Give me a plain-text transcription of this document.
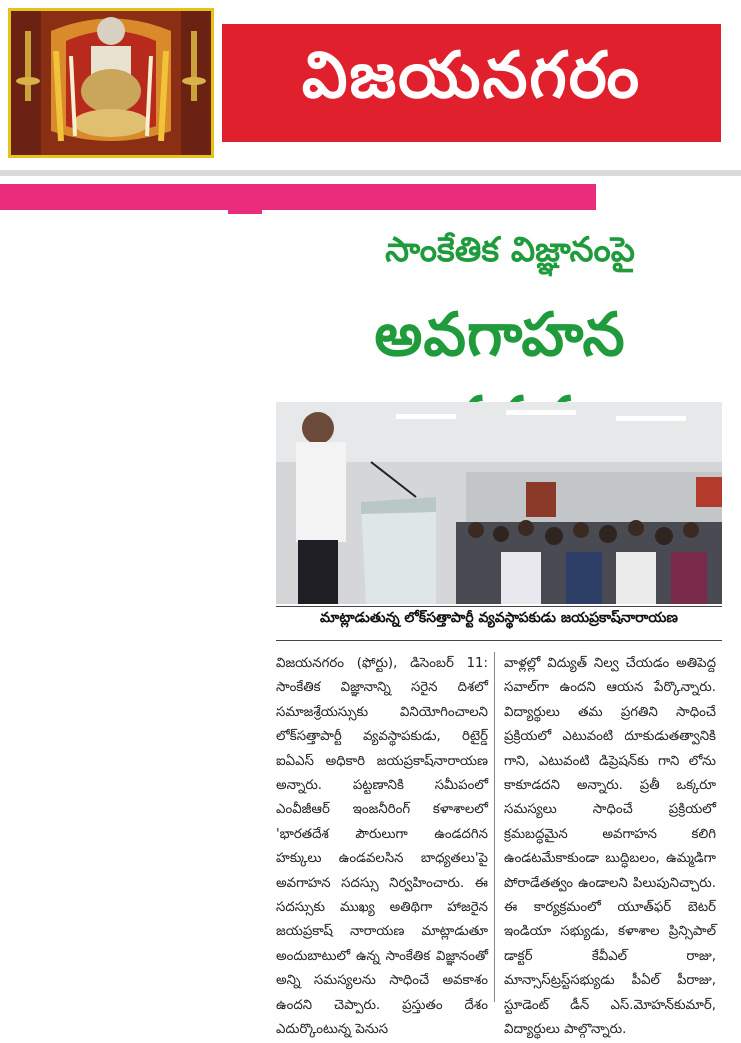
విజయనగరం
సాంకేతిక విజ్ఞానంపై
అవగాహన
మాట్లాడుతున్న లోక్‌సత్తాపార్టీ వ్యవస్థాపకుడు జయప్రకాష్‌నారాయణ

విజయనగరం (ఫోర్టు), డిసెంబర్ 11: సాంకేతిక విజ్ఞానాన్ని సరైన దిశలో సమాజశ్రేయస్సుకు వినియోగించాలని లోక్‌సత్తాపార్టీ వ్యవస్థాపకుడు, రిటైర్డ్ ఐఏఎస్ అధికారి జయప్రకాష్‌నారాయణ అన్నారు. పట్టణానికి సమీపంలో ఎంవీజీఆర్ ఇంజనీరింగ్ కళాశాలలో 'భారతదేశ పౌరులుగా ఉండదగిన హక్కులు ఉండవలసిన బాధ్యతలు'పై అవగాహన సదస్సు నిర్వహించారు. ఈ సదస్సుకు ముఖ్య అతిథిగా హాజరైన జయప్రకాష్ నారాయణ మాట్లాడుతూ అందుబాటులో ఉన్న సాంకేతిక విజ్ఞానంతో అన్ని సమస్యలను సాధించే అవకాశం ఉందని చెప్పారు. ప్రస్తుతం దేశం ఎదుర్కొంటున్న పెనుస

వాళ్లల్లో విద్యుత్ నిల్వ చేయడం అతిపెద్ద సవాల్‌గా ఉందని ఆయన పేర్కొన్నారు. విద్యార్థులు తమ ప్రగతిని సాధించే ప్రక్రియలో ఎటువంటి దూకుడుతత్వానికి గాని, ఎటువంటి డిప్రెషన్‌కు గాని లోను కాకూడదని అన్నారు. ప్రతీ ఒక్కరూ సమస్యలు సాధించే ప్రక్రియలో క్రమబద్ధమైన అవగాహన కలిగి ఉండటమేకాకుండా బుద్ధిబలం, ఉమ్మడిగా పోరాడేతత్వం ఉండాలని పిలుపునిచ్చారు. ఈ కార్యక్రమంలో యూత్‌ఫర్ బెటర్ ఇండియా సభ్యుడు, కళాశాల ప్రిన్సిపాల్ డాక్టర్ కేవీఎల్ రాజు, మాన్సాస్‌ట్రస్ట్‌సభ్యుడు పీఏల్ పీరాజు, స్టూడెంట్ డీన్ ఎస్.మోహన్‌కుమార్, విద్యార్థులు పాల్గొన్నారు.
